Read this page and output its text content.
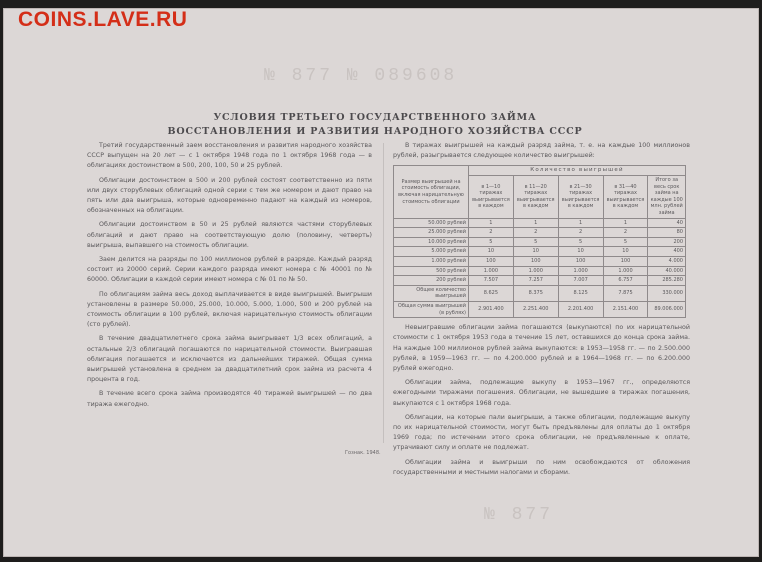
COINS.LAVE.RU
№ 877 № 089608
УСЛОВИЯ ТРЕТЬЕГО ГОСУДАРСТВЕННОГО ЗАЙМА
ВОССТАНОВЛЕНИЯ И РАЗВИТИЯ НАРОДНОГО ХОЗЯЙСТВА СССР

Третий государственный заем восстановления и развития народного хозяйства СССР выпущен на 20 лет — с 1 октября 1948 года по 1 октября 1968 года — в облигациях достоинством в 500, 200, 100, 50 и 25 рублей.

Облигации достоинством в 500 и 200 рублей состоят соответственно из пяти или двух сторублевых облигаций одной серии с тем же номером и дают право на пять или два выигрыша, которые одновременно падают на каждый из номеров, обозначенных на облигации.

Облигации достоинством в 50 и 25 рублей являются частями сторублевых облигаций и дают право на соответствующую долю (половину, четверть) выигрыша, выпавшего на стоимость облигации.

Заем делится на разряды по 100 миллионов рублей в разряде. Каждый разряд состоит из 20000 серий. Серии каждого разряда имеют номера с № 40001 по № 60000. Облигации в каждой серии имеют номера с № 01 по № 50.

По облигациям займа весь доход выплачивается в виде выигрышей. Выигрыши установлены в размере 50.000, 25.000, 10.000, 5.000, 1.000, 500 и 200 рублей на стоимость облигации в 100 рублей, включая нарицательную стоимость облигации (сто рублей).

В течение двадцатилетнего срока займа выигрывает 1/3 всех облигаций, а остальные 2/3 облигаций погашаются по нарицательной стоимости. Выигравшая облигация погашается и исключается из дальнейших тиражей. Общая сумма выигрышей установлена в среднем за двадцатилетний срок займа из расчета 4 процента в год.

В течение всего срока займа производятся 40 тиражей выигрышей — по два тиража ежегодно.

В тиражах выигрышей на каждый разряд займа, т. е. на каждые 100 миллионов рублей, разыгрывается следующее количество выигрышей:

Размер выигрышей на стоимость облигации, включая нарицательную стоимость облигации	Количество выигрышей				
	в 1—10 тиражах выигрывается в каждом	в 11—20 тиражах выигрывается в каждом	в 21—30 тиражах выигрывается в каждом	в 31—40 тиражах выигрывается в каждом	Итого за весь срок займа на каждые 100 млн. рублей займа
50.000 рублей	1	1	1	1	40
25.000 рублей	2	2	2	2	80
10.000 рублей	5	5	5	5	200
5.000 рублей	10	10	10	10	400
1.000 рублей	100	100	100	100	4.000
500 рублей	1.000	1.000	1.000	1.000	40.000
200 рублей	7.507	7.257	7.007	6.757	285.280
Общее количество выигрышей	8.625	8.375	8.125	7.875	330.000
Общая сумма выигрышей (в рублях)	2.901.400	2.251.400	2.201.400	2.151.400	89.006.000

Невыигравшие облигации займа погашаются (выкупаются) по их нарицательной стоимости с 1 октября 1953 года в течение 15 лет, оставшихся до конца срока займа. На каждые 100 миллионов рублей займа выкупаются: в 1953—1958 гг. — по 2.500.000 рублей, в 1959—1963 гг. — по 4.200.000 рублей и в 1964—1968 гг. — по 6.200.000 рублей ежегодно.

Облигации займа, подлежащие выкупу в 1953—1967 гг., определяются ежегодными тиражами погашения. Облигации, не вышедшие в тиражах погашения, выкупаются с 1 октября 1968 года.

Облигации, на которые пали выигрыши, а также облигации, подлежащие выкупу по их нарицательной стоимости, могут быть предъявлены для оплаты до 1 октября 1969 года; по истечении этого срока облигации, не предъявленные к оплате, утрачивают силу и оплате не подлежат.

Облигации займа и выигрыши по ним освобождаются от обложения государственными и местными налогами и сборами.

Гознак. 1948.
№ 877
